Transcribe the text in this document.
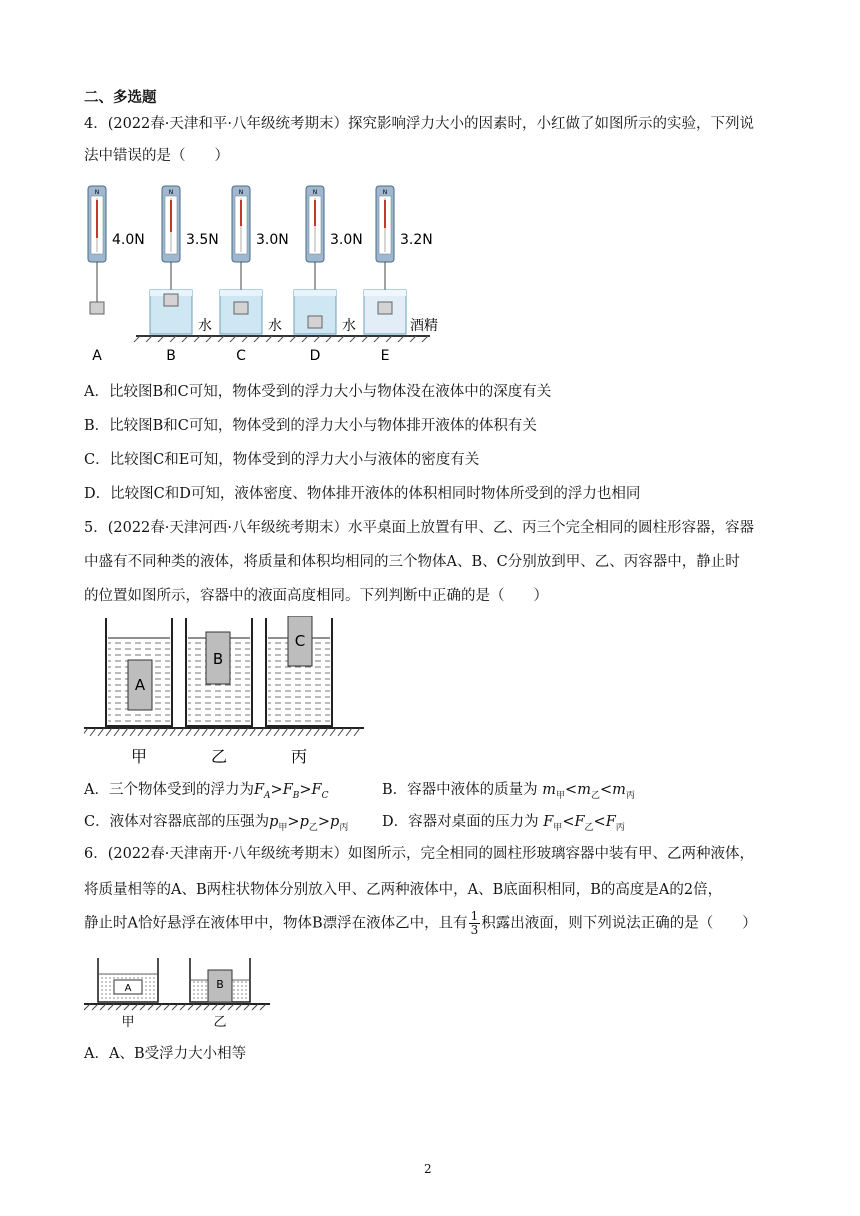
二、多选题
4．(2022春·天津和平·八年级统考期末）探究影响浮力大小的因素时，小红做了如图所示的实验，下列说
法中错误的是（　　）
N
4.0N
A
N
3.5N
水
B
N
3.0N
水
C
N
3.0N
水
D
N
3.2N
酒精
E
A．比较图B和C可知，物体受到的浮力大小与物体没在液体中的深度有关
B．比较图B和C可知，物体受到的浮力大小与物体排开液体的体积有关
C．比较图C和E可知，物体受到的浮力大小与液体的密度有关
D．比较图C和D可知，液体密度、物体排开液体的体积相同时物体所受到的浮力也相同
5．(2022春·天津河西·八年级统考期末）水平桌面上放置有甲、乙、丙三个完全相同的圆柱形容器，容器
中盛有不同种类的液体，将质量和体积均相同的三个物体A、B、C分别放到甲、乙、丙容器中，静止时
的位置如图所示，容器中的液面高度相同。下列判断中正确的是（　　）
A
甲
B
乙
C
丙
A．三个物体受到的浮力为$F_A>F_B>F_C$	B．容器中液体的质量为 $m_甲<m_乙<m_丙$
C．液体对容器底部的压强为$p_甲>p_乙>p_丙$ D．容器对桌面的压力为 $F_甲<F_乙<F_丙$
6．(2022春·天津南开·八年级统考期末）如图所示，完全相同的圆柱形玻璃容器中装有甲、乙两种液体，
将质量相等的A、B两柱状物体分别放入甲、乙两种液体中，A、B底面积相同，B的高度是A的2倍，
静止时A恰好悬浮在液体甲中，物体B漂浮在液体乙中，且有 $\frac{1}{3}$ 积露出液面，则下列说法正确的是（　　）
A
甲
B
乙
A．A、B受浮力大小相等
2
